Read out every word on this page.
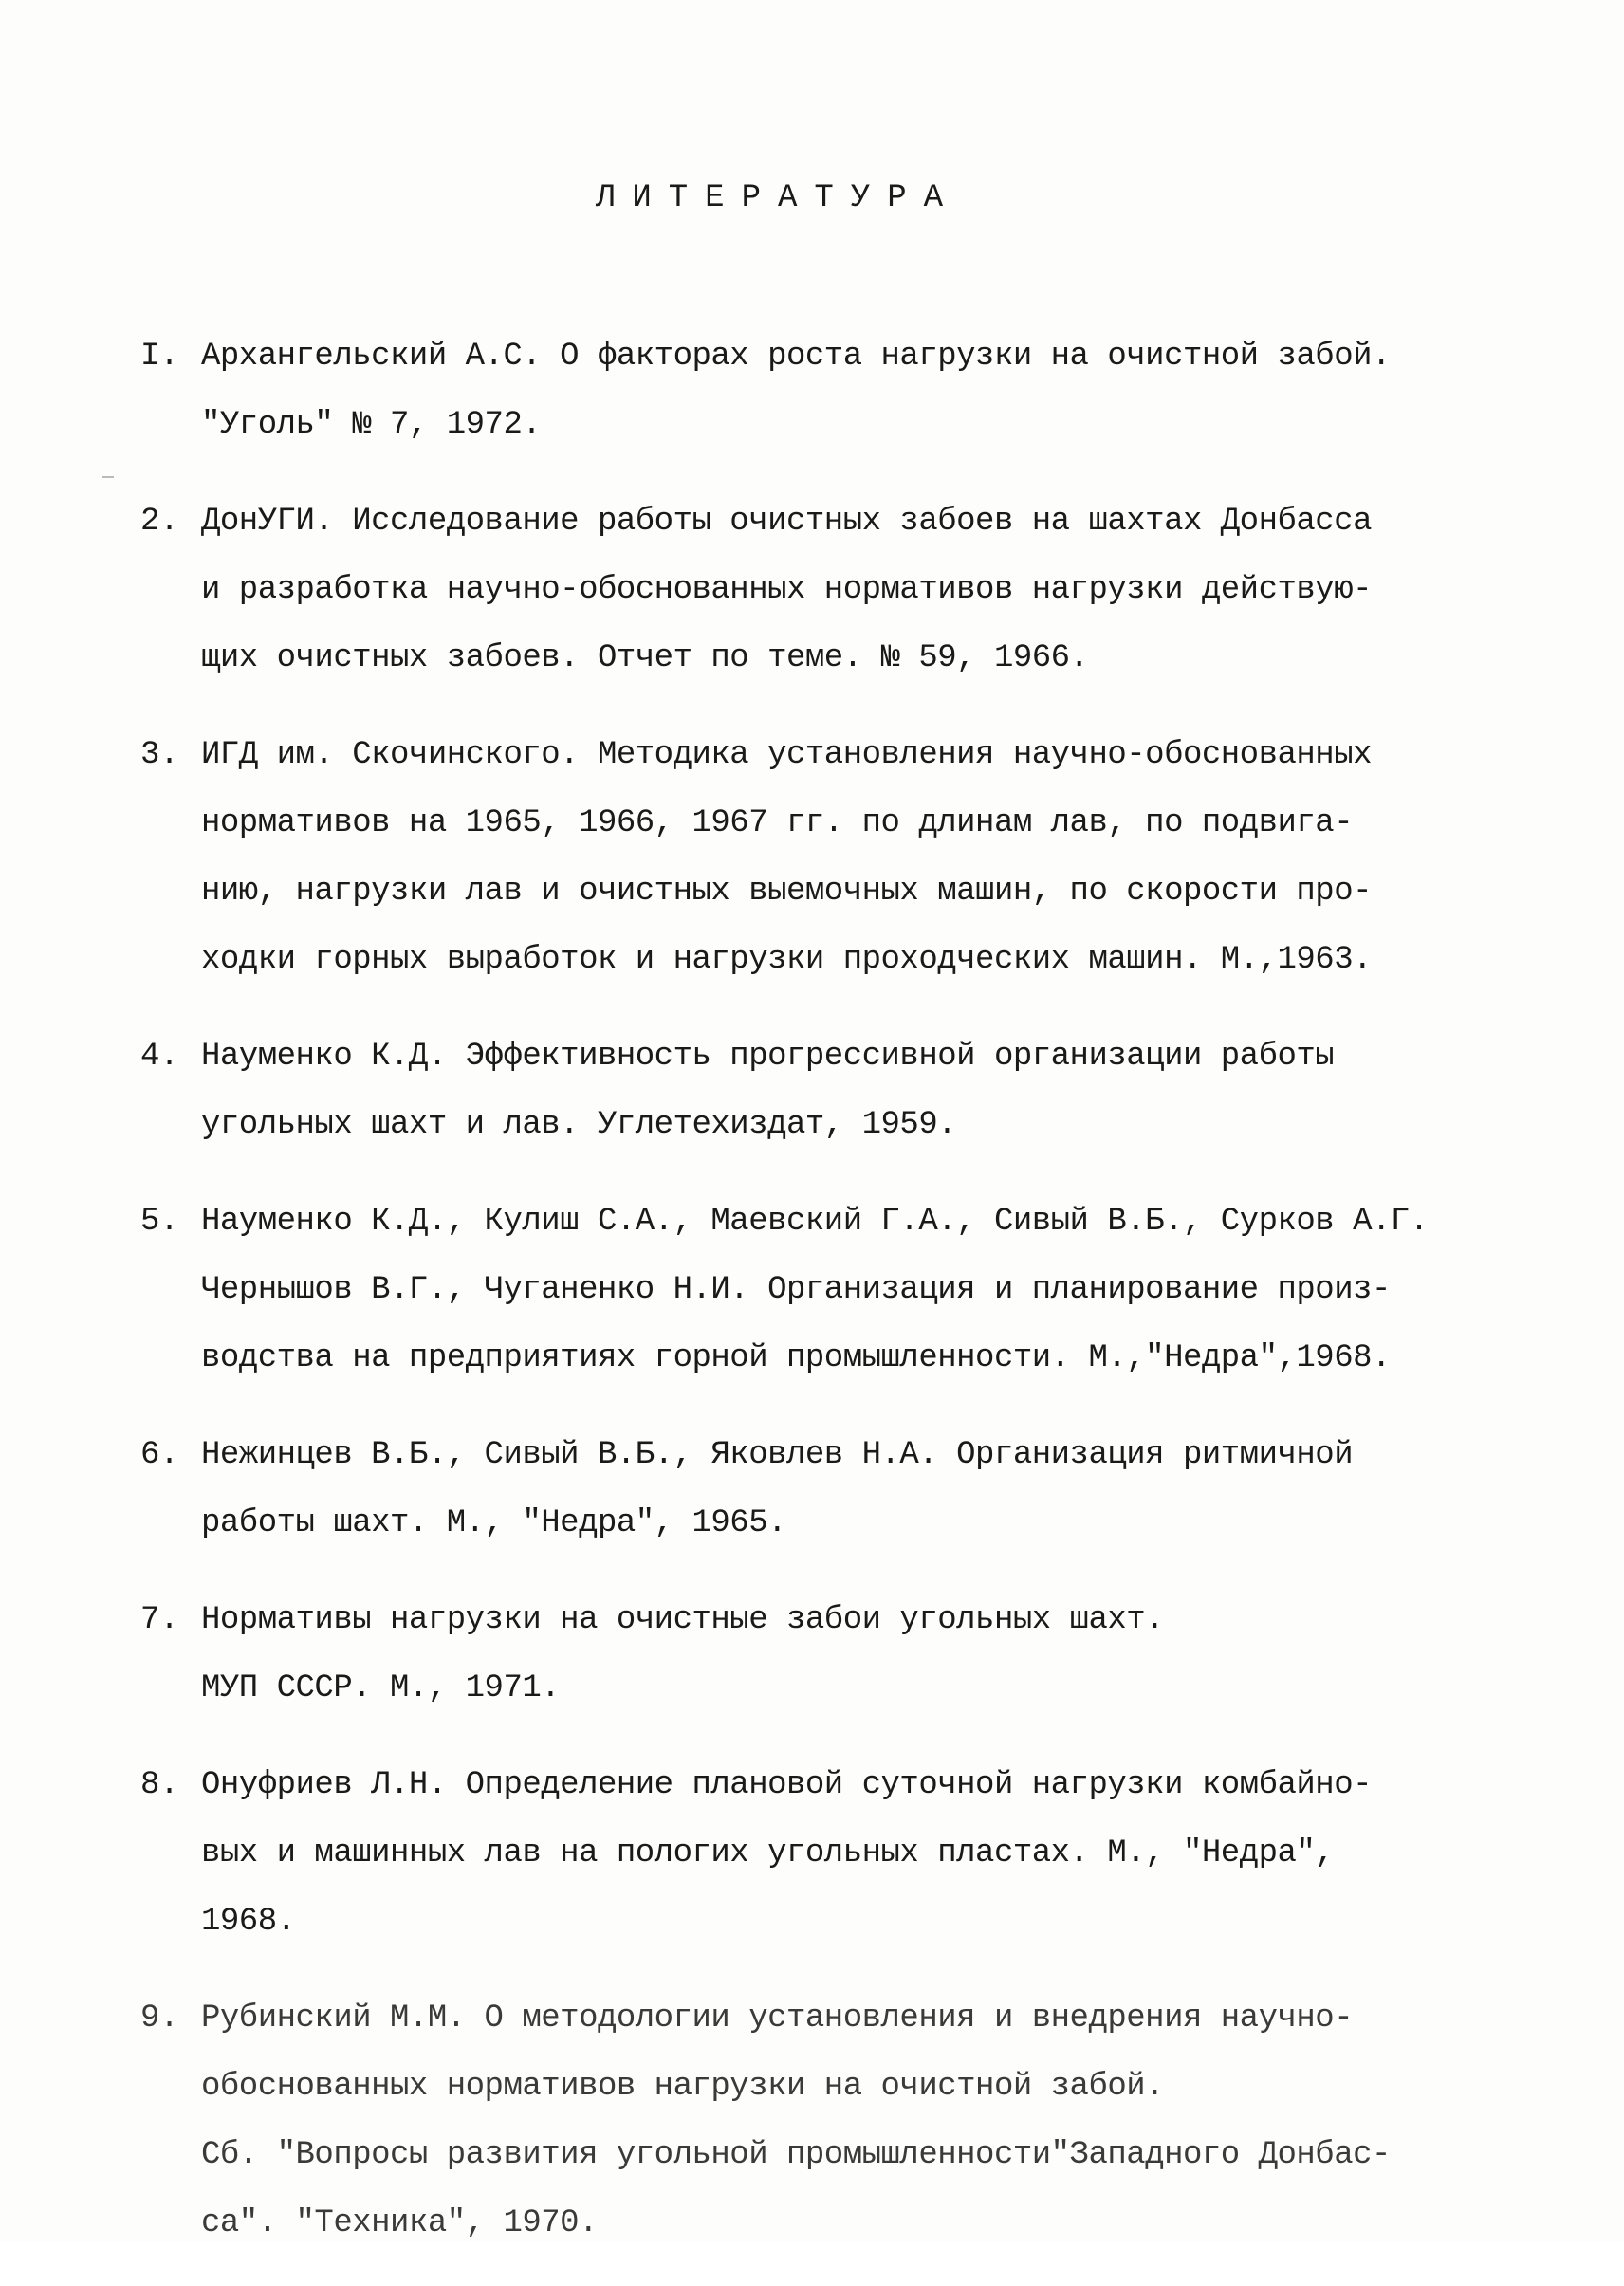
ЛИТЕРАТУРА
I. Архангельский А.С. О факторах роста нагрузки на очистной забой.
"Уголь" № 7, 1972.
2. ДонУГИ. Исследование работы очистных забоев на шахтах Донбасса
и разработка научно-обоснованных нормативов нагрузки действую-
щих очистных забоев. Отчет по теме. № 59, 1966.
3. ИГД им. Скочинского. Методика установления научно-обоснованных
нормативов на 1965, 1966, 1967 гг. по длинам лав, по подвига-
нию, нагрузки лав и очистных выемочных машин, по скорости про-
ходки горных выработок и нагрузки проходческих машин. М.,1963.
4. Науменко К.Д. Эффективность прогрессивной организации работы
угольных шахт и лав. Углетехиздат, 1959.
5. Науменко К.Д., Кулиш С.А., Маевский Г.А., Сивый В.Б., Сурков А.Г.
Чернышов В.Г., Чуганенко Н.И. Организация и планирование произ-
водства на предприятиях горной промышленности. М.,"Недра",1968.
6. Нежинцев В.Б., Сивый В.Б., Яковлев Н.А. Организация ритмичной
работы шахт. М., "Недра", 1965.
7. Нормативы нагрузки на очистные забои угольных шахт.
МУП СССР. М., 1971.
8. Онуфриев Л.Н. Определение плановой суточной нагрузки комбайно-
вых и машинных лав на пологих угольных пластах. М., "Недра",
1968.
9. Рубинский М.М. О методологии установления и внедрения научно-
обоснованных нормативов нагрузки на очистной забой.
Сб. "Вопросы развития угольной промышленности"Западного Донбас-
са". "Техника", 1970.
